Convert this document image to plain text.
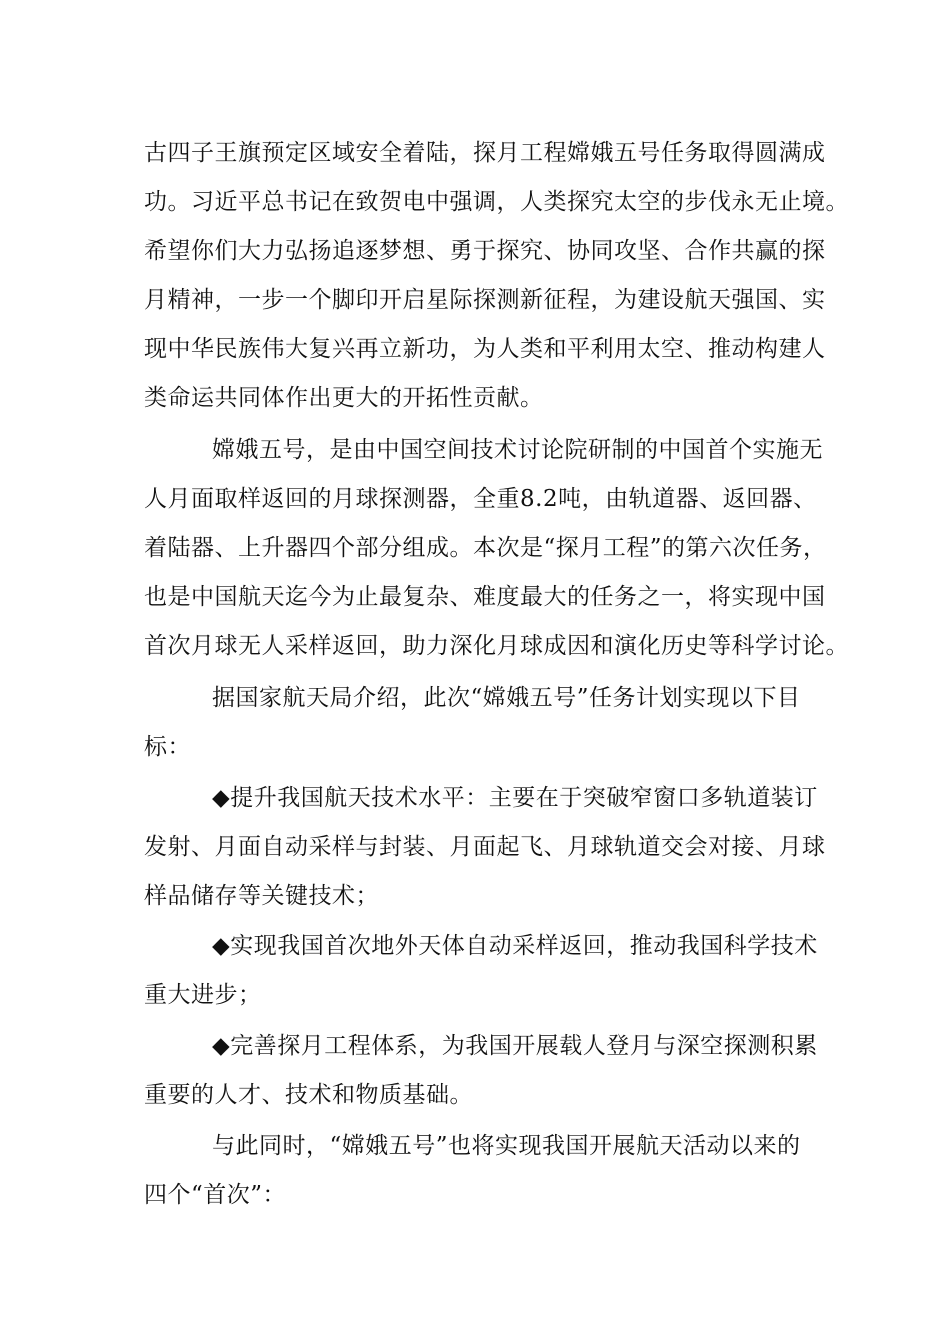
古四子王旗预定区域安全着陆，探月工程嫦娥五号任务取得圆满成
功。习近平总书记在致贺电中强调，人类探究太空的步伐永无止境。
希望你们大力弘扬追逐梦想、勇于探究、协同攻坚、合作共赢的探
月精神，一步一个脚印开启星际探测新征程，为建设航天强国、实
现中华民族伟大复兴再立新功，为人类和平利用太空、推动构建人
类命运共同体作出更大的开拓性贡献。
嫦娥五号，是由中国空间技术讨论院研制的中国首个实施无
人月面取样返回的月球探测器，全重8.2吨，由轨道器、返回器、
着陆器、上升器四个部分组成。本次是“探月工程”的第六次任务，
也是中国航天迄今为止最复杂、难度最大的任务之一，将实现中国
首次月球无人采样返回，助力深化月球成因和演化历史等科学讨论。
据国家航天局介绍，此次“嫦娥五号”任务计划实现以下目
标：
◆提升我国航天技术水平：主要在于突破窄窗口多轨道装订
发射、月面自动采样与封装、月面起飞、月球轨道交会对接、月球
样品储存等关键技术；
◆实现我国首次地外天体自动采样返回，推动我国科学技术
重大进步；
◆完善探月工程体系，为我国开展载人登月与深空探测积累
重要的人才、技术和物质基础。
与此同时，“嫦娥五号”也将实现我国开展航天活动以来的
四个“首次”：
